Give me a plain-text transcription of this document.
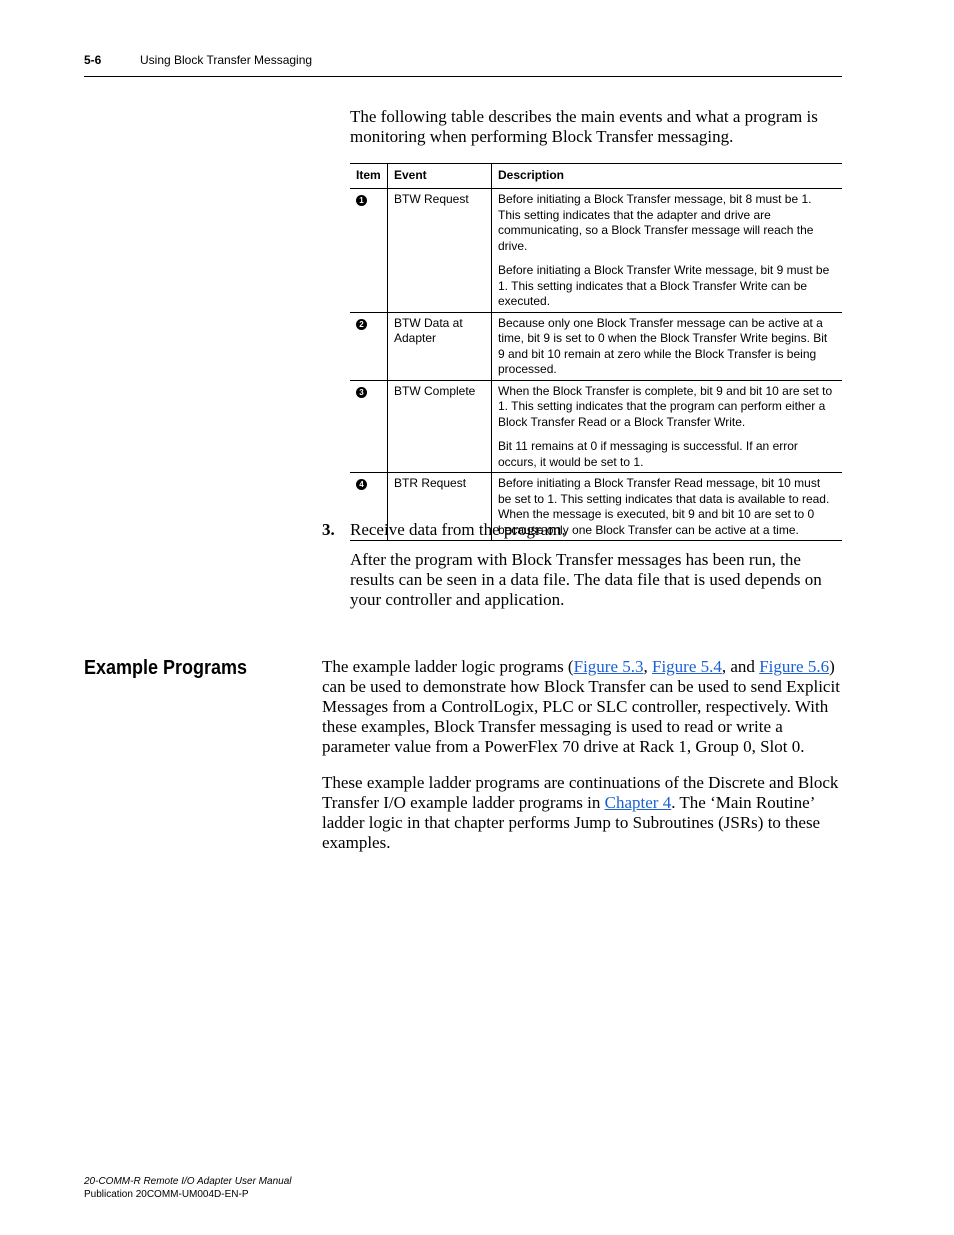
5-6	Using Block Transfer Messaging
The following table describes the main events and what a program is monitoring when performing Block Transfer messaging.
Item	Event	Description
1	BTW Request	Before initiating a Block Transfer message, bit 8 must be 1. This setting indicates that the adapter and drive are communicating, so a Block Transfer message will reach the drive.
Before initiating a Block Transfer Write message, bit 9 must be 1. This setting indicates that a Block Transfer Write can be executed.
2	BTW Data at Adapter
Because only one Block Transfer message can be active at a time, bit 9 is set to 0 when the Block Transfer Write begins. Bit 9 and bit 10 remain at zero while the Block Transfer is being processed.
3	BTW Complete	When the Block Transfer is complete, bit 9 and bit 10 are set to 1. This setting indicates that the program can perform either a Block Transfer Read or a Block Transfer Write.
Bit 11 remains at 0 if messaging is successful. If an error occurs, it would be set to 1.
4	BTR Request	Before initiating a Block Transfer Read message, bit 10 must be set to 1. This setting indicates that data is available to read. When the message is executed, bit 9 and bit 10 are set to 0 because only one Block Transfer can be active at a time.
3. Receive data from the program.
After the program with Block Transfer messages has been run, the results can be seen in a data file. The data file that is used depends on your controller and application.
Example Programs	The example ladder logic programs (Figure 5.3, Figure 5.4, and Figure 5.6) can be used to demonstrate how Block Transfer can be used to send Explicit Messages from a ControlLogix, PLC or SLC controller, respectively. With these examples, Block Transfer messaging is used to read or write a parameter value from a PowerFlex 70 drive at Rack 1, Group 0, Slot 0.
These example ladder programs are continuations of the Discrete and Block Transfer I/O example ladder programs in Chapter 4. The ‘Main Routine’ ladder logic in that chapter performs Jump to Subroutines (JSRs) to these examples.
20-COMM-R Remote I/O Adapter User Manual
Publication 20COMM-UM004D-EN-P
